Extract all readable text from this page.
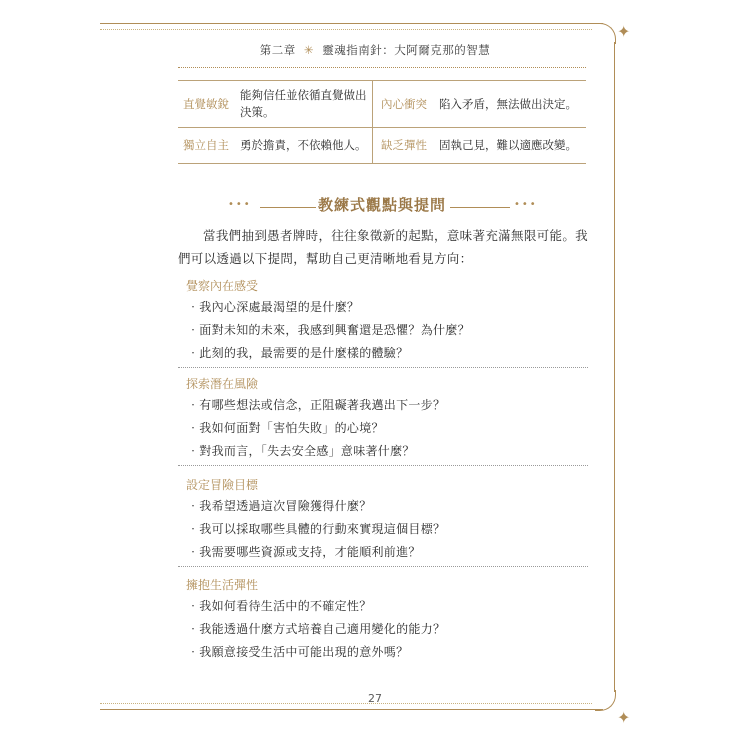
✦
✦
第二章 ✳ 靈魂指南針：大阿爾克那的智慧
直覺敏銳	能夠信任並依循直覺做出決策。	內心衝突	陷入矛盾，無法做出決定。
獨立自主	勇於擔責，不依賴他人。	缺乏彈性	固執己見，難以適應改變。
•••	教練式觀點與提問	•••
當我們抽到愚者牌時，往往象徵新的起點，意味著充滿無限可能。我們可以透過以下提問，幫助自己更清晰地看見方向：
覺察內在感受
‧我內心深處最渴望的是什麼？
‧面對未知的未來，我感到興奮還是恐懼？為什麼？
‧此刻的我，最需要的是什麼樣的體驗？
探索潛在風險
‧有哪些想法或信念，正阻礙著我邁出下一步？
‧我如何面對「害怕失敗」的心境？
‧對我而言，「失去安全感」意味著什麼？
設定冒險目標
‧我希望透過這次冒險獲得什麼？
‧我可以採取哪些具體的行動來實現這個目標？
‧我需要哪些資源或支持，才能順利前進？
擁抱生活彈性
‧我如何看待生活中的不確定性？
‧我能透過什麼方式培養自己適用變化的能力？
‧我願意接受生活中可能出現的意外嗎？
27
